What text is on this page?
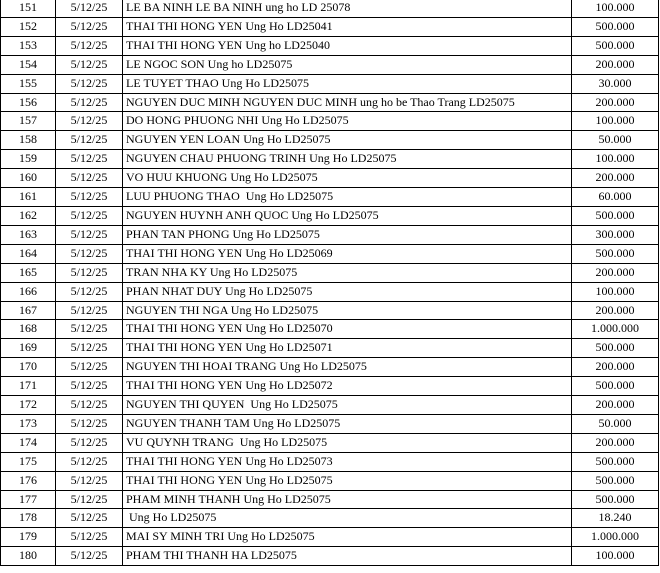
151	5/12/25	LE BA NINH LE BA NINH ung ho LD 25078	100.000
152	5/12/25	THAI THI HONG YEN Ung Ho LD25041	500.000
153	5/12/25	THAI THI HONG YEN Ung ho LD25040	500.000
154	5/12/25	LE NGOC SON Ung ho LD25075	200.000
155	5/12/25	LE TUYET THAO Ung Ho LD25075	30.000
156	5/12/25	NGUYEN DUC MINH NGUYEN DUC MINH ung ho be Thao Trang LD25075	200.000
157	5/12/25	DO HONG PHUONG NHI Ung Ho LD25075	100.000
158	5/12/25	NGUYEN YEN LOAN Ung Ho LD25075	50.000
159	5/12/25	NGUYEN CHAU PHUONG TRINH Ung Ho LD25075	100.000
160	5/12/25	VO HUU KHUONG Ung Ho LD25075	200.000
161	5/12/25	LUU PHUONG THAO  Ung Ho LD25075	60.000
162	5/12/25	NGUYEN HUYNH ANH QUOC Ung Ho LD25075	500.000
163	5/12/25	PHAN TAN PHONG Ung Ho LD25075	300.000
164	5/12/25	THAI THI HONG YEN Ung Ho LD25069	500.000
165	5/12/25	TRAN NHA KY Ung Ho LD25075	200.000
166	5/12/25	PHAN NHAT DUY Ung Ho LD25075	100.000
167	5/12/25	NGUYEN THI NGA Ung Ho LD25075	200.000
168	5/12/25	THAI THI HONG YEN Ung Ho LD25070	1.000.000
169	5/12/25	THAI THI HONG YEN Ung Ho LD25071	500.000
170	5/12/25	NGUYEN THI HOAI TRANG Ung Ho LD25075	200.000
171	5/12/25	THAI THI HONG YEN Ung Ho LD25072	500.000
172	5/12/25	NGUYEN THI QUYEN  Ung Ho LD25075	200.000
173	5/12/25	NGUYEN THANH TAM Ung Ho LD25075	50.000
174	5/12/25	VU QUYNH TRANG  Ung Ho LD25075	200.000
175	5/12/25	THAI THI HONG YEN Ung Ho LD25073	500.000
176	5/12/25	THAI THI HONG YEN Ung Ho LD25075	500.000
177	5/12/25	PHAM MINH THANH Ung Ho LD25075	500.000
178	5/12/25	Ung Ho LD25075	18.240
179	5/12/25	MAI SY MINH TRI Ung Ho LD25075	1.000.000
180	5/12/25	PHAM THI THANH HA LD25075	100.000
